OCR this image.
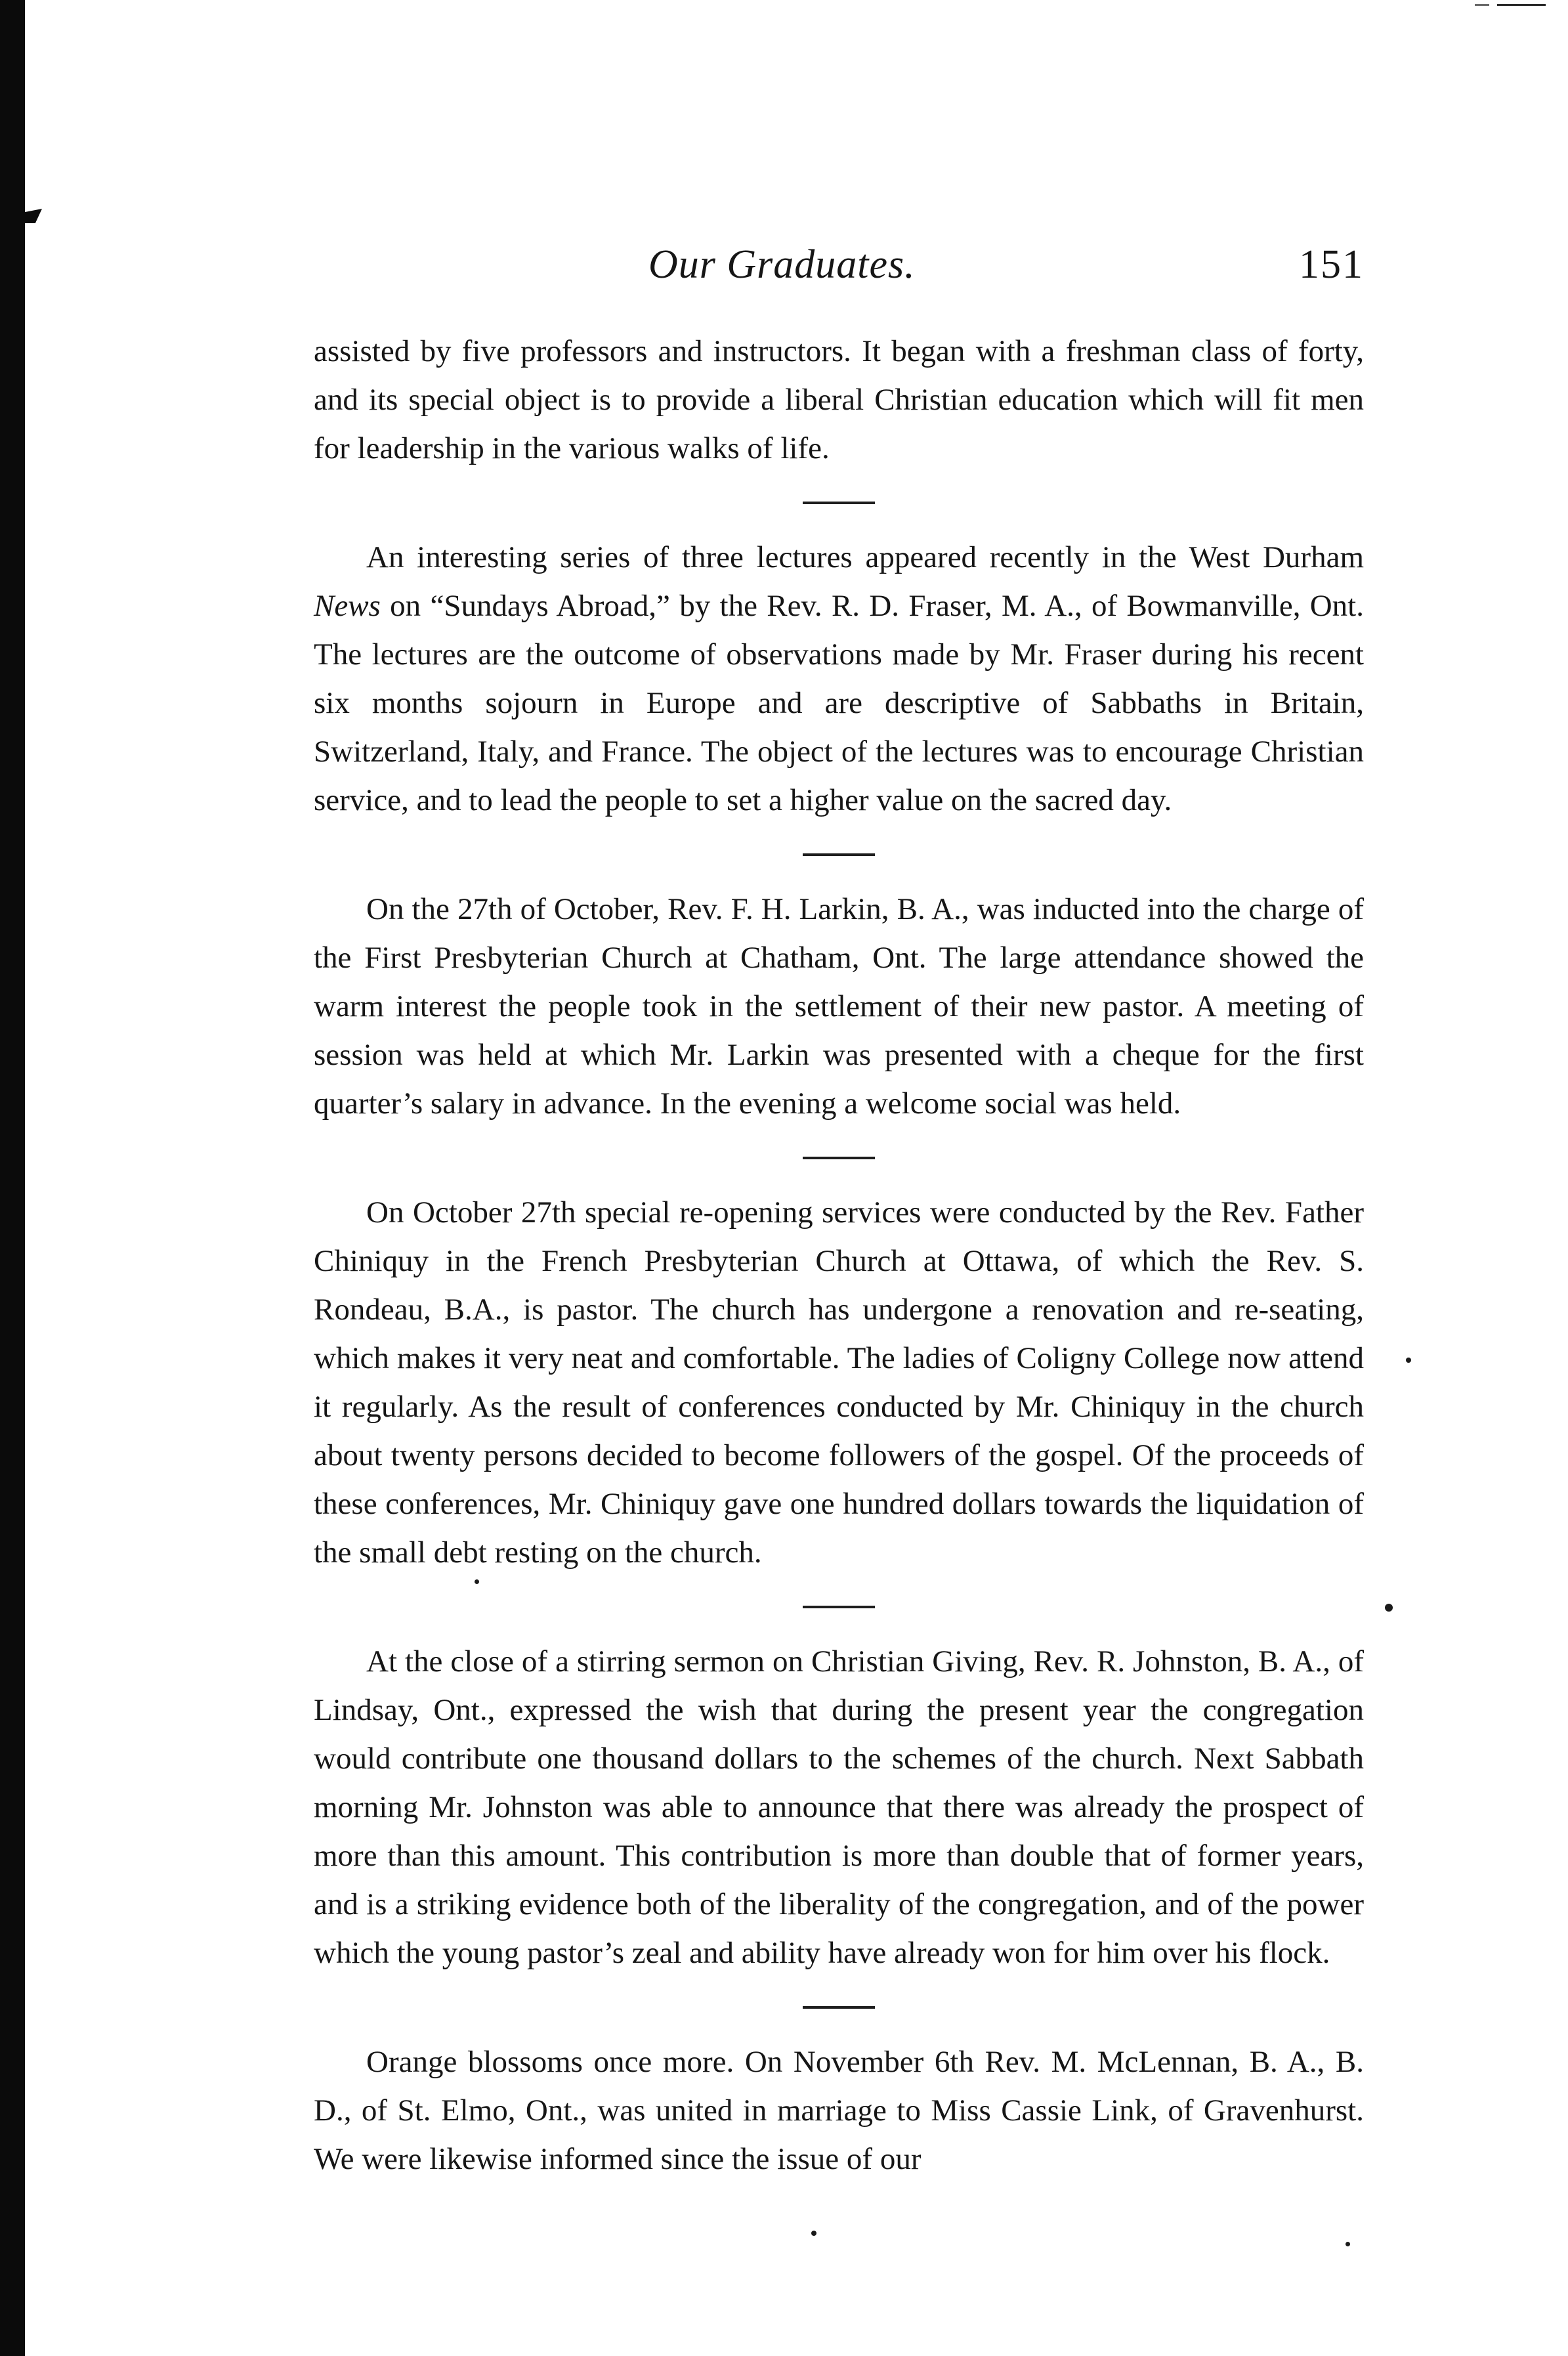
Our Graduates.	151

assisted by five professors and instructors. It began with a freshman class of forty, and its special object is to provide a liberal Christian education which will fit men for leadership in the various walks of life.

An interesting series of three lectures appeared recently in the West Durham News on “Sundays Abroad,” by the Rev. R. D. Fraser, M. A., of Bowmanville, Ont. The lectures are the outcome of observations made by Mr. Fraser during his recent six months sojourn in Europe and are descriptive of Sabbaths in Britain, Switzerland, Italy, and France. The object of the lectures was to encourage Christian service, and to lead the people to set a higher value on the sacred day.

On the 27th of October, Rev. F. H. Larkin, B. A., was inducted into the charge of the First Presbyterian Church at Chatham, Ont. The large attendance showed the warm interest the people took in the settlement of their new pastor. A meeting of session was held at which Mr. Larkin was presented with a cheque for the first quarter’s salary in advance. In the evening a welcome social was held.

On October 27th special re-opening services were conducted by the Rev. Father Chiniquy in the French Presbyterian Church at Ottawa, of which the Rev. S. Rondeau, B.A., is pastor. The church has undergone a renovation and re-seating, which makes it very neat and comfortable. The ladies of Coligny College now attend it regularly. As the result of conferences conducted by Mr. Chiniquy in the church about twenty persons decided to become followers of the gospel. Of the proceeds of these conferences, Mr. Chiniquy gave one hundred dollars towards the liquidation of the small debt resting on the church.

At the close of a stirring sermon on Christian Giving, Rev. R. Johnston, B. A., of Lindsay, Ont., expressed the wish that during the present year the congregation would contribute one thousand dollars to the schemes of the church. Next Sabbath morning Mr. Johnston was able to announce that there was already the prospect of more than this amount. This contribution is more than double that of former years, and is a striking evidence both of the liberality of the congregation, and of the power which the young pastor’s zeal and ability have already won for him over his flock.

Orange blossoms once more. On November 6th Rev. M. McLennan, B. A., B. D., of St. Elmo, Ont., was united in marriage to Miss Cassie Link, of Gravenhurst. We were likewise informed since the issue of our
